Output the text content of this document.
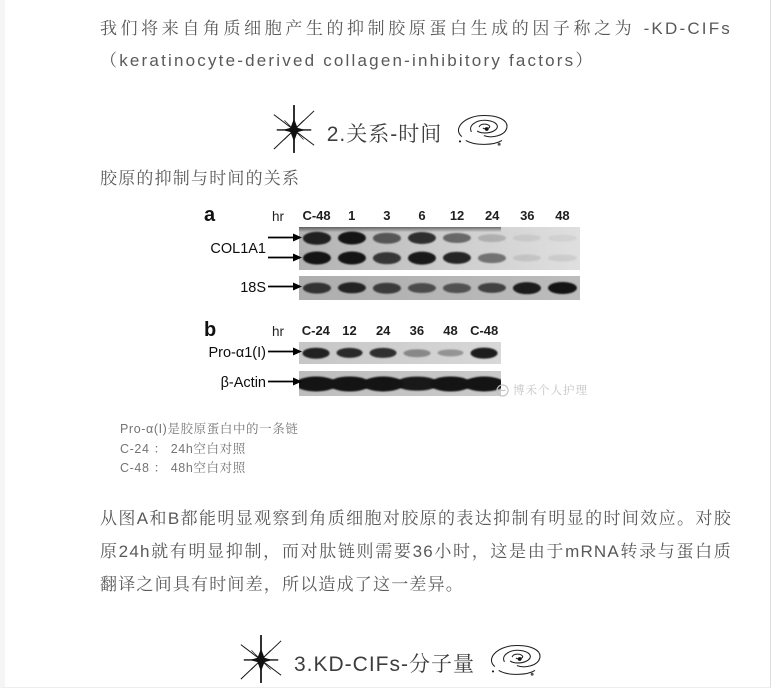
我们将来自角质细胞产生的抑制胶原蛋白生成的因子称之为 -KD-CIFs（keratinocyte-derived collagen-inhibitory factors）

2.关系-时间

胶原的抑制与时间的关系

a	hr C-48	1	3	6	12	24	36	48
COL1A1
18S
b	hr C-24 12	24	36	48 C-48
Pro-α1(I)
β-Actin	博禾个人护理
Pro-α(I)是胶原蛋白中的一条链
C-24 ： 24h空白对照
C-48 ： 48h空白对照

从图A和B都能明显观察到角质细胞对胶原的表达抑制有明显的时间效应。对胶原24h就有明显抑制，而对肽链则需要36小时，这是由于mRNA转录与蛋白质翻译之间具有时间差，所以造成了这一差异。

3.KD-CIFs-分子量
